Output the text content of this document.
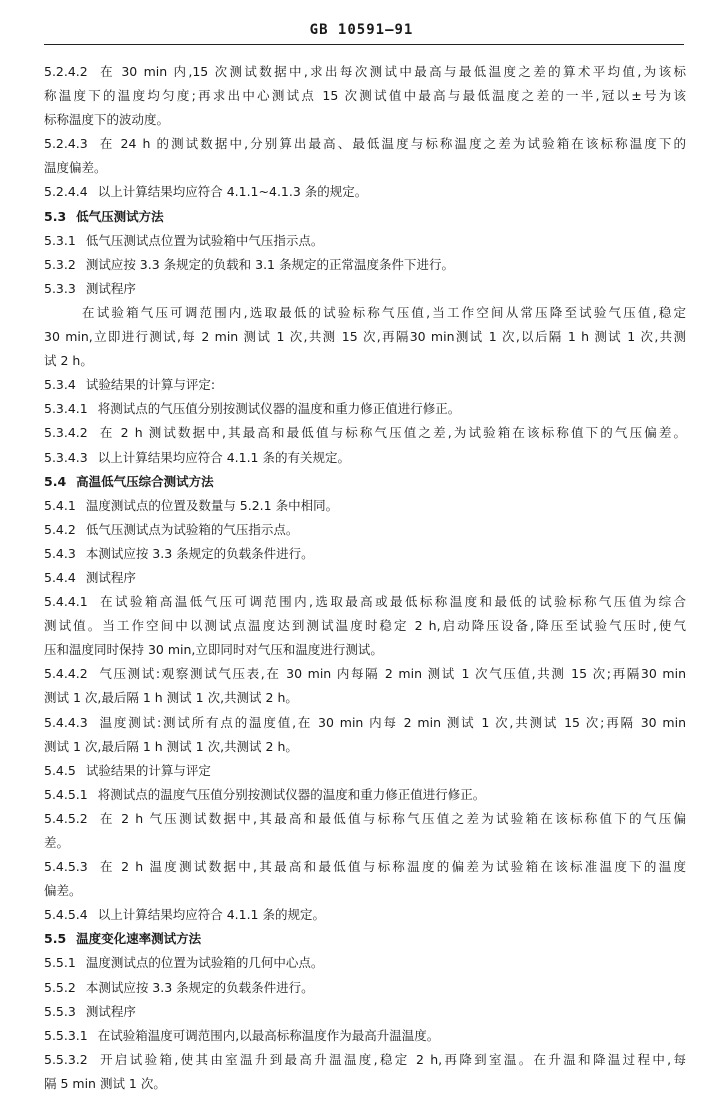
GB 10591—91
5.2.4.2 在 30 min 内,15 次测试数据中,求出每次测试中最高与最低温度之差的算术平均值,为该标
称温度下的温度均匀度;再求出中心测试点 15 次测试值中最高与最低温度之差的一半,冠以±号为该
标称温度下的波动度。
5.2.4.3 在 24 h 的测试数据中,分别算出最高、最低温度与标称温度之差为试验箱在该标称温度下的
温度偏差。
5.2.4.4 以上计算结果均应符合 4.1.1~4.1.3 条的规定。
5.3 低气压测试方法
5.3.1 低气压测试点位置为试验箱中气压指示点。
5.3.2 测试应按 3.3 条规定的负载和 3.1 条规定的正常温度条件下进行。
5.3.3 测试程序
在试验箱气压可调范围内,选取最低的试验标称气压值,当工作空间从常压降至试验气压值,稳定
30 min,立即进行测试,每 2 min 测试 1 次,共测 15 次,再隔30 min测试 1 次,以后隔 1 h 测试 1 次,共测
试 2 h。
5.3.4 试验结果的计算与评定:
5.3.4.1 将测试点的气压值分别按测试仪器的温度和重力修正值进行修正。
5.3.4.2 在 2 h 测试数据中,其最高和最低值与标称气压值之差,为试验箱在该标称值下的气压偏差。
5.3.4.3 以上计算结果均应符合 4.1.1 条的有关规定。
5.4 高温低气压综合测试方法
5.4.1 温度测试点的位置及数量与 5.2.1 条中相同。
5.4.2 低气压测试点为试验箱的气压指示点。
5.4.3 本测试应按 3.3 条规定的负载条件进行。
5.4.4 测试程序
5.4.4.1 在试验箱高温低气压可调范围内,选取最高或最低标称温度和最低的试验标称气压值为综合
测试值。当工作空间中以测试点温度达到测试温度时稳定 2 h,启动降压设备,降压至试验气压时,使气
压和温度同时保持 30 min,立即同时对气压和温度进行测试。
5.4.4.2 气压测试:观察测试气压表,在 30 min 内每隔 2 min 测试 1 次气压值,共测 15 次;再隔30 min
测试 1 次,最后隔 1 h 测试 1 次,共测试 2 h。
5.4.4.3 温度测试:测试所有点的温度值,在 30 min 内每 2 min 测试 1 次,共测试 15 次;再隔 30 min
测试 1 次,最后隔 1 h 测试 1 次,共测试 2 h。
5.4.5 试验结果的计算与评定
5.4.5.1 将测试点的温度气压值分别按测试仪器的温度和重力修正值进行修正。
5.4.5.2 在 2 h 气压测试数据中,其最高和最低值与标称气压值之差为试验箱在该标称值下的气压偏
差。
5.4.5.3 在 2 h 温度测试数据中,其最高和最低值与标称温度的偏差为试验箱在该标准温度下的温度
偏差。
5.4.5.4 以上计算结果均应符合 4.1.1 条的规定。
5.5 温度变化速率测试方法
5.5.1 温度测试点的位置为试验箱的几何中心点。
5.5.2 本测试应按 3.3 条规定的负载条件进行。
5.5.3 测试程序
5.5.3.1 在试验箱温度可调范围内,以最高标称温度作为最高升温温度。
5.5.3.2 开启试验箱,使其由室温升到最高升温温度,稳定 2 h,再降到室温。在升温和降温过程中,每
隔 5 min 测试 1 次。
